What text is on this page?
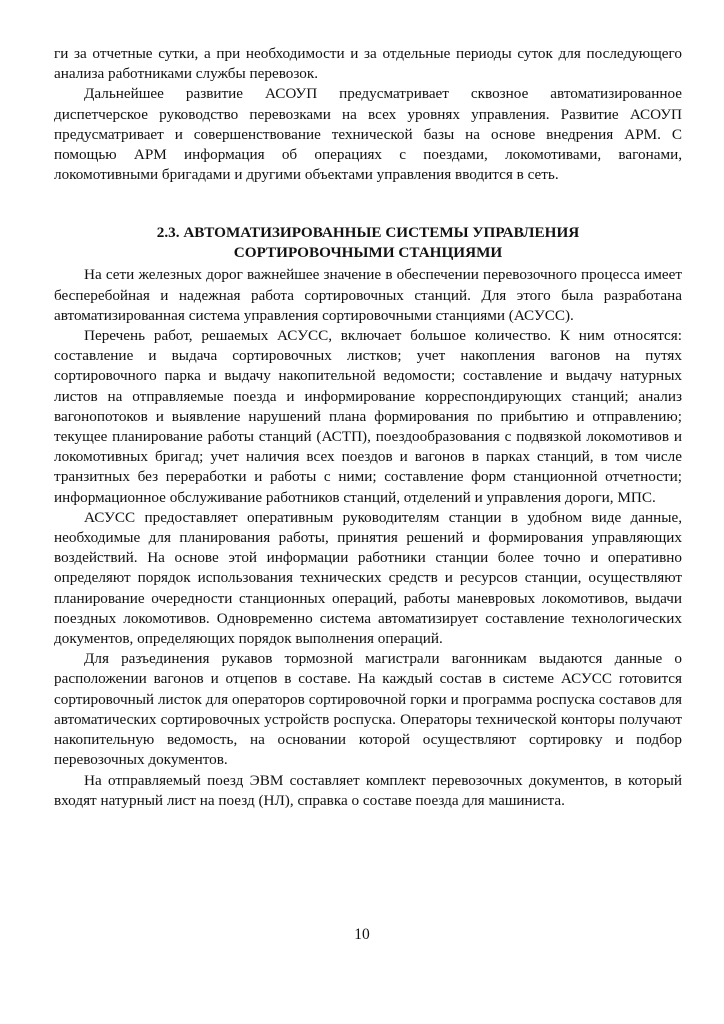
ги за отчетные сутки, а при необходимости и за отдельные периоды суток для последующего анализа работниками службы перевозок.

Дальнейшее развитие АСОУП предусматривает сквозное автоматизированное диспетчерское руководство перевозками на всех уровнях управления. Развитие АСОУП предусматривает и совершенствование технической базы на основе внедрения АРМ. С помощью АРМ информация об операциях с поездами, локомотивами, вагонами, локомотивными бригадами и другими объектами управления вводится в сеть.

2.3. АВТОМАТИЗИРОВАННЫЕ СИСТЕМЫ УПРАВЛЕНИЯ
СОРТИРОВОЧНЫМИ СТАНЦИЯМИ

На сети железных дорог важнейшее значение в обеспечении перевозочного процесса имеет бесперебойная и надежная работа сортировочных станций. Для этого была разработана автоматизированная система управления сортировочными станциями (АСУСС).

Перечень работ, решаемых АСУСС, включает большое количество. К ним относятся: составление и выдача сортировочных листков; учет накопления вагонов на путях сортировочного парка и выдачу накопительной ведомости; составление и выдачу натурных листов на отправляемые поезда и информирование корреспондирующих станций; анализ вагонопотоков и выявление нарушений плана формирования по прибытию и отправлению; текущее планирование работы станций (АСТП), поездообразования с подвязкой локомотивов и локомотивных бригад; учет наличия всех поездов и вагонов в парках станций, в том числе транзитных без переработки и работы с ними; составление форм станционной отчетности; информационное обслуживание работников станций, отделений и управления дороги, МПС.

АСУСС предоставляет оперативным руководителям станции в удобном виде данные, необходимые для планирования работы, принятия решений и формирования управляющих воздействий. На основе этой информации работники станции более точно и оперативно определяют порядок использования технических средств и ресурсов станции, осуществляют планирование очередности станционных операций, работы маневровых локомотивов, выдачи поездных локомотивов. Одновременно система автоматизирует составление технологических документов, определяющих порядок выполнения операций.

Для разъединения рукавов тормозной магистрали вагонникам выдаются данные о расположении вагонов и отцепов в составе. На каждый состав в системе АСУСС готовится сортировочный листок для операторов сортировочной горки и программа роспуска составов для автоматических сортировочных устройств роспуска. Операторы технической конторы получают накопительную ведомость, на основании которой осуществляют сортировку и подбор перевозочных документов.

На отправляемый поезд ЭВМ составляет комплект перевозочных документов, в который входят натурный лист на поезд (НЛ), справка о составе поезда для машиниста.

10
